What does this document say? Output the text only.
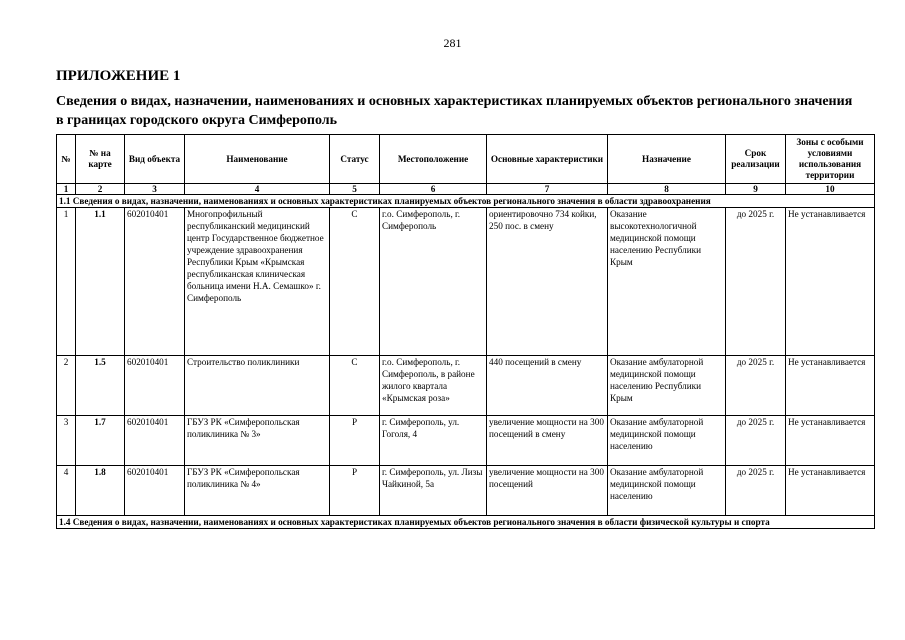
281
ПРИЛОЖЕНИЕ 1
Сведения о видах, назначении, наименованиях и основных характеристиках планируемых объектов регионального значения в границах городского округа Симферополь
№	№ на карте	Вид объекта	Наименование	Статус	Местоположение	Основные характеристики	Назначение	Срок реализации	Зоны с особыми условиями использования территории
1	2	3	4	5	6	7	8	9	10
1.1 Сведения о видах, назначении, наименованиях и основных характеристиках планируемых объектов регионального значения в области здравоохранения									
1	1.1	602010401	Многопрофильный республиканский медицинский центр Государственное бюджетное учреждение здравоохранения Республики Крым «Крымская республиканская клиническая больница имени Н.А. Семашко» г. Симферополь	С	г.о. Симферополь, г. Симферополь	ориентировочно 734 койки, 250 пос. в смену	Оказание высокотехнологичной медицинской помощи населению Республики Крым	до 2025 г.	Не устанавливается
2	1.5	602010401	Строительство поликлиники	С	г.о. Симферополь, г. Симферополь, в районе жилого квартала «Крымская роза»	440 посещений в смену	Оказание амбулаторной медицинской помощи населению Республики Крым	до 2025 г.	Не устанавливается
3	1.7	602010401	ГБУЗ РК «Симферопольская поликлиника № 3»	Р	г. Симферополь, ул. Гоголя, 4	увеличение мощности на 300 посещений в смену	Оказание амбулаторной медицинской помощи населению	до 2025 г.	Не устанавливается
4	1.8	602010401	ГБУЗ РК «Симферопольская поликлиника № 4»	Р	г. Симферополь, ул. Лизы Чайкиной, 5а	увеличение мощности на 300 посещений	Оказание амбулаторной медицинской помощи населению	до 2025 г.	Не устанавливается
1.4 Сведения о видах, назначении, наименованиях и основных характеристиках планируемых объектов регионального значения в области физической культуры и спорта									
